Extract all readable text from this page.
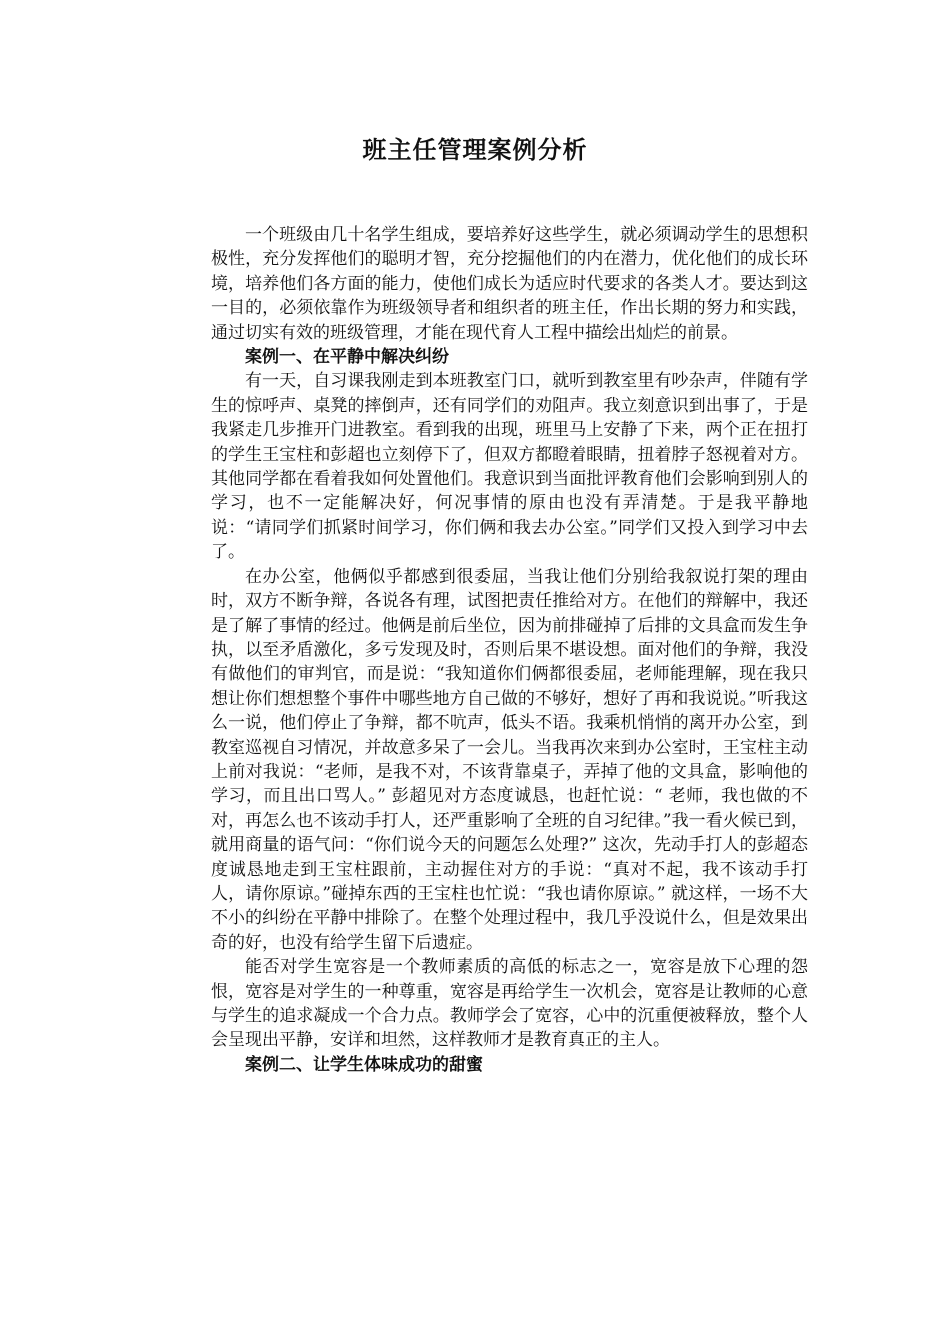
班主任管理案例分析

一个班级由几十名学生组成，要培养好这些学生，就必须调动学生的思想积极性，充分发挥他们的聪明才智，充分挖掘他们的内在潜力，优化他们的成长环境，培养他们各方面的能力，使他们成长为适应时代要求的各类人才。要达到这一目的，必须依靠作为班级领导者和组织者的班主任，作出长期的努力和实践，通过切实有效的班级管理，才能在现代育人工程中描绘出灿烂的前景。

案例一、在平静中解决纠纷

有一天，自习课我刚走到本班教室门口，就听到教室里有吵杂声，伴随有学生的惊呼声、桌凳的摔倒声，还有同学们的劝阻声。我立刻意识到出事了，于是我紧走几步推开门进教室。看到我的出现，班里马上安静了下来，两个正在扭打的学生王宝柱和彭超也立刻停下了，但双方都瞪着眼睛，扭着脖子怒视着对方。其他同学都在看着我如何处置他们。我意识到当面批评教育他们会影响到别人的学习，也不一定能解决好，何况事情的原由也没有弄清楚。于是我平静地说：“请同学们抓紧时间学习，你们俩和我去办公室。”同学们又投入到学习中去了。

在办公室，他俩似乎都感到很委屈，当我让他们分别给我叙说打架的理由时，双方不断争辩，各说各有理，试图把责任推给对方。在他们的辩解中，我还是了解了事情的经过。他俩是前后坐位，因为前排碰掉了后排的文具盒而发生争执，以至矛盾激化，多亏发现及时，否则后果不堪设想。面对他们的争辩，我没有做他们的审判官，而是说：“我知道你们俩都很委屈，老师能理解，现在我只想让你们想想整个事件中哪些地方自己做的不够好，想好了再和我说说。”听我这么一说，他们停止了争辩，都不吭声，低头不语。我乘机悄悄的离开办公室，到教室巡视自习情况，并故意多呆了一会儿。当我再次来到办公室时，王宝柱主动上前对我说：“老师，是我不对，不该背靠桌子，弄掉了他的文具盒，影响他的学习，而且出口骂人。” 彭超见对方态度诚恳，也赶忙说：“ 老师，我也做的不对，再怎么也不该动手打人，还严重影响了全班的自习纪律。”我一看火候已到，就用商量的语气问：“你们说今天的问题怎么处理?” 这次，先动手打人的彭超态度诚恳地走到王宝柱跟前，主动握住对方的手说：“真对不起，我不该动手打人，请你原谅。”碰掉东西的王宝柱也忙说：“我也请你原谅。” 就这样，一场不大不小的纠纷在平静中排除了。在整个处理过程中，我几乎没说什么，但是效果出奇的好，也没有给学生留下后遗症。

能否对学生宽容是一个教师素质的高低的标志之一，宽容是放下心理的怨恨，宽容是对学生的一种尊重，宽容是再给学生一次机会，宽容是让教师的心意与学生的追求凝成一个合力点。教师学会了宽容，心中的沉重便被释放，整个人会呈现出平静，安详和坦然，这样教师才是教育真正的主人。

案例二、让学生体味成功的甜蜜
